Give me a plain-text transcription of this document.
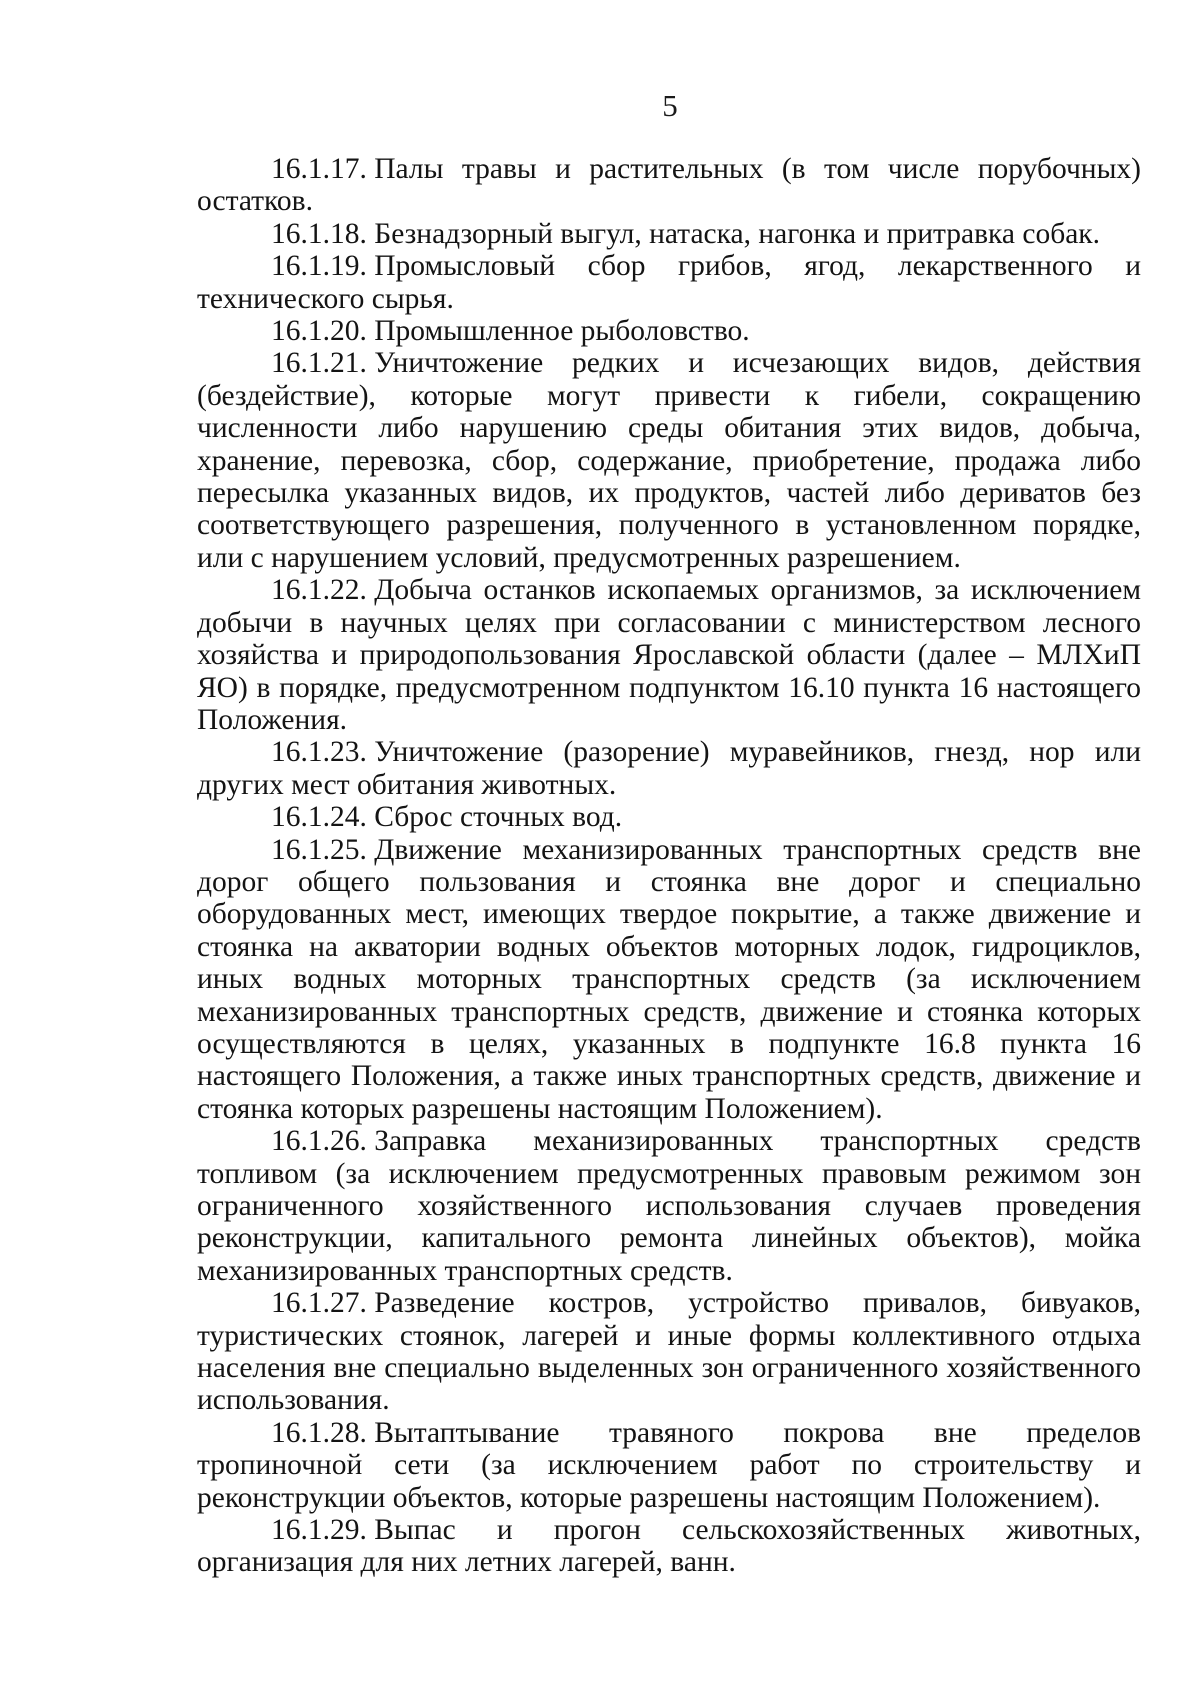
5

16.1.17. Палы травы и растительных (в том числе порубочных) остатков.

16.1.18. Безнадзорный выгул, натаска, нагонка и притравка собак.

16.1.19. Промысловый сбор грибов, ягод, лекарственного и технического сырья.

16.1.20. Промышленное рыболовство.

16.1.21. Уничтожение редких и исчезающих видов, действия (бездействие), которые могут привести к гибели, сокращению численности либо нарушению среды обитания этих видов, добыча, хранение, перевозка, сбор, содержание, приобретение, продажа либо пересылка указанных видов, их продуктов, частей либо дериватов без соответствующего разрешения, полученного в установленном порядке, или с нарушением условий, предусмотренных разрешением.

16.1.22. Добыча останков ископаемых организмов, за исключением добычи в научных целях при согласовании с министерством лесного хозяйства и природопользования Ярославской области (далее – МЛХиП ЯО) в порядке, предусмотренном подпунктом 16.10 пункта 16 настоящего Положения.

16.1.23. Уничтожение (разорение) муравейников, гнезд, нор или других мест обитания животных.

16.1.24. Сброс сточных вод.

16.1.25. Движение механизированных транспортных средств вне дорог общего пользования и стоянка вне дорог и специально оборудованных мест, имеющих твердое покрытие, а также движение и стоянка на акватории водных объектов моторных лодок, гидроциклов, иных водных моторных транспортных средств (за исключением механизированных транспортных средств, движение и стоянка которых осуществляются в целях, указанных в подпункте 16.8 пункта 16 настоящего Положения, а также иных транспортных средств, движение и стоянка которых разрешены настоящим Положением).

16.1.26. Заправка механизированных транспортных средств топливом (за исключением предусмотренных правовым режимом зон ограниченного хозяйственного использования случаев проведения реконструкции, капитального ремонта линейных объектов), мойка механизированных транспортных средств.

16.1.27. Разведение костров, устройство привалов, бивуаков, туристических стоянок, лагерей и иные формы коллективного отдыха населения вне специально выделенных зон ограниченного хозяйственного использования.

16.1.28. Вытаптывание травяного покрова вне пределов тропиночной сети (за исключением работ по строительству и реконструкции объектов, которые разрешены настоящим Положением).

16.1.29. Выпас и прогон сельскохозяйственных животных, организация для них летних лагерей, ванн.
